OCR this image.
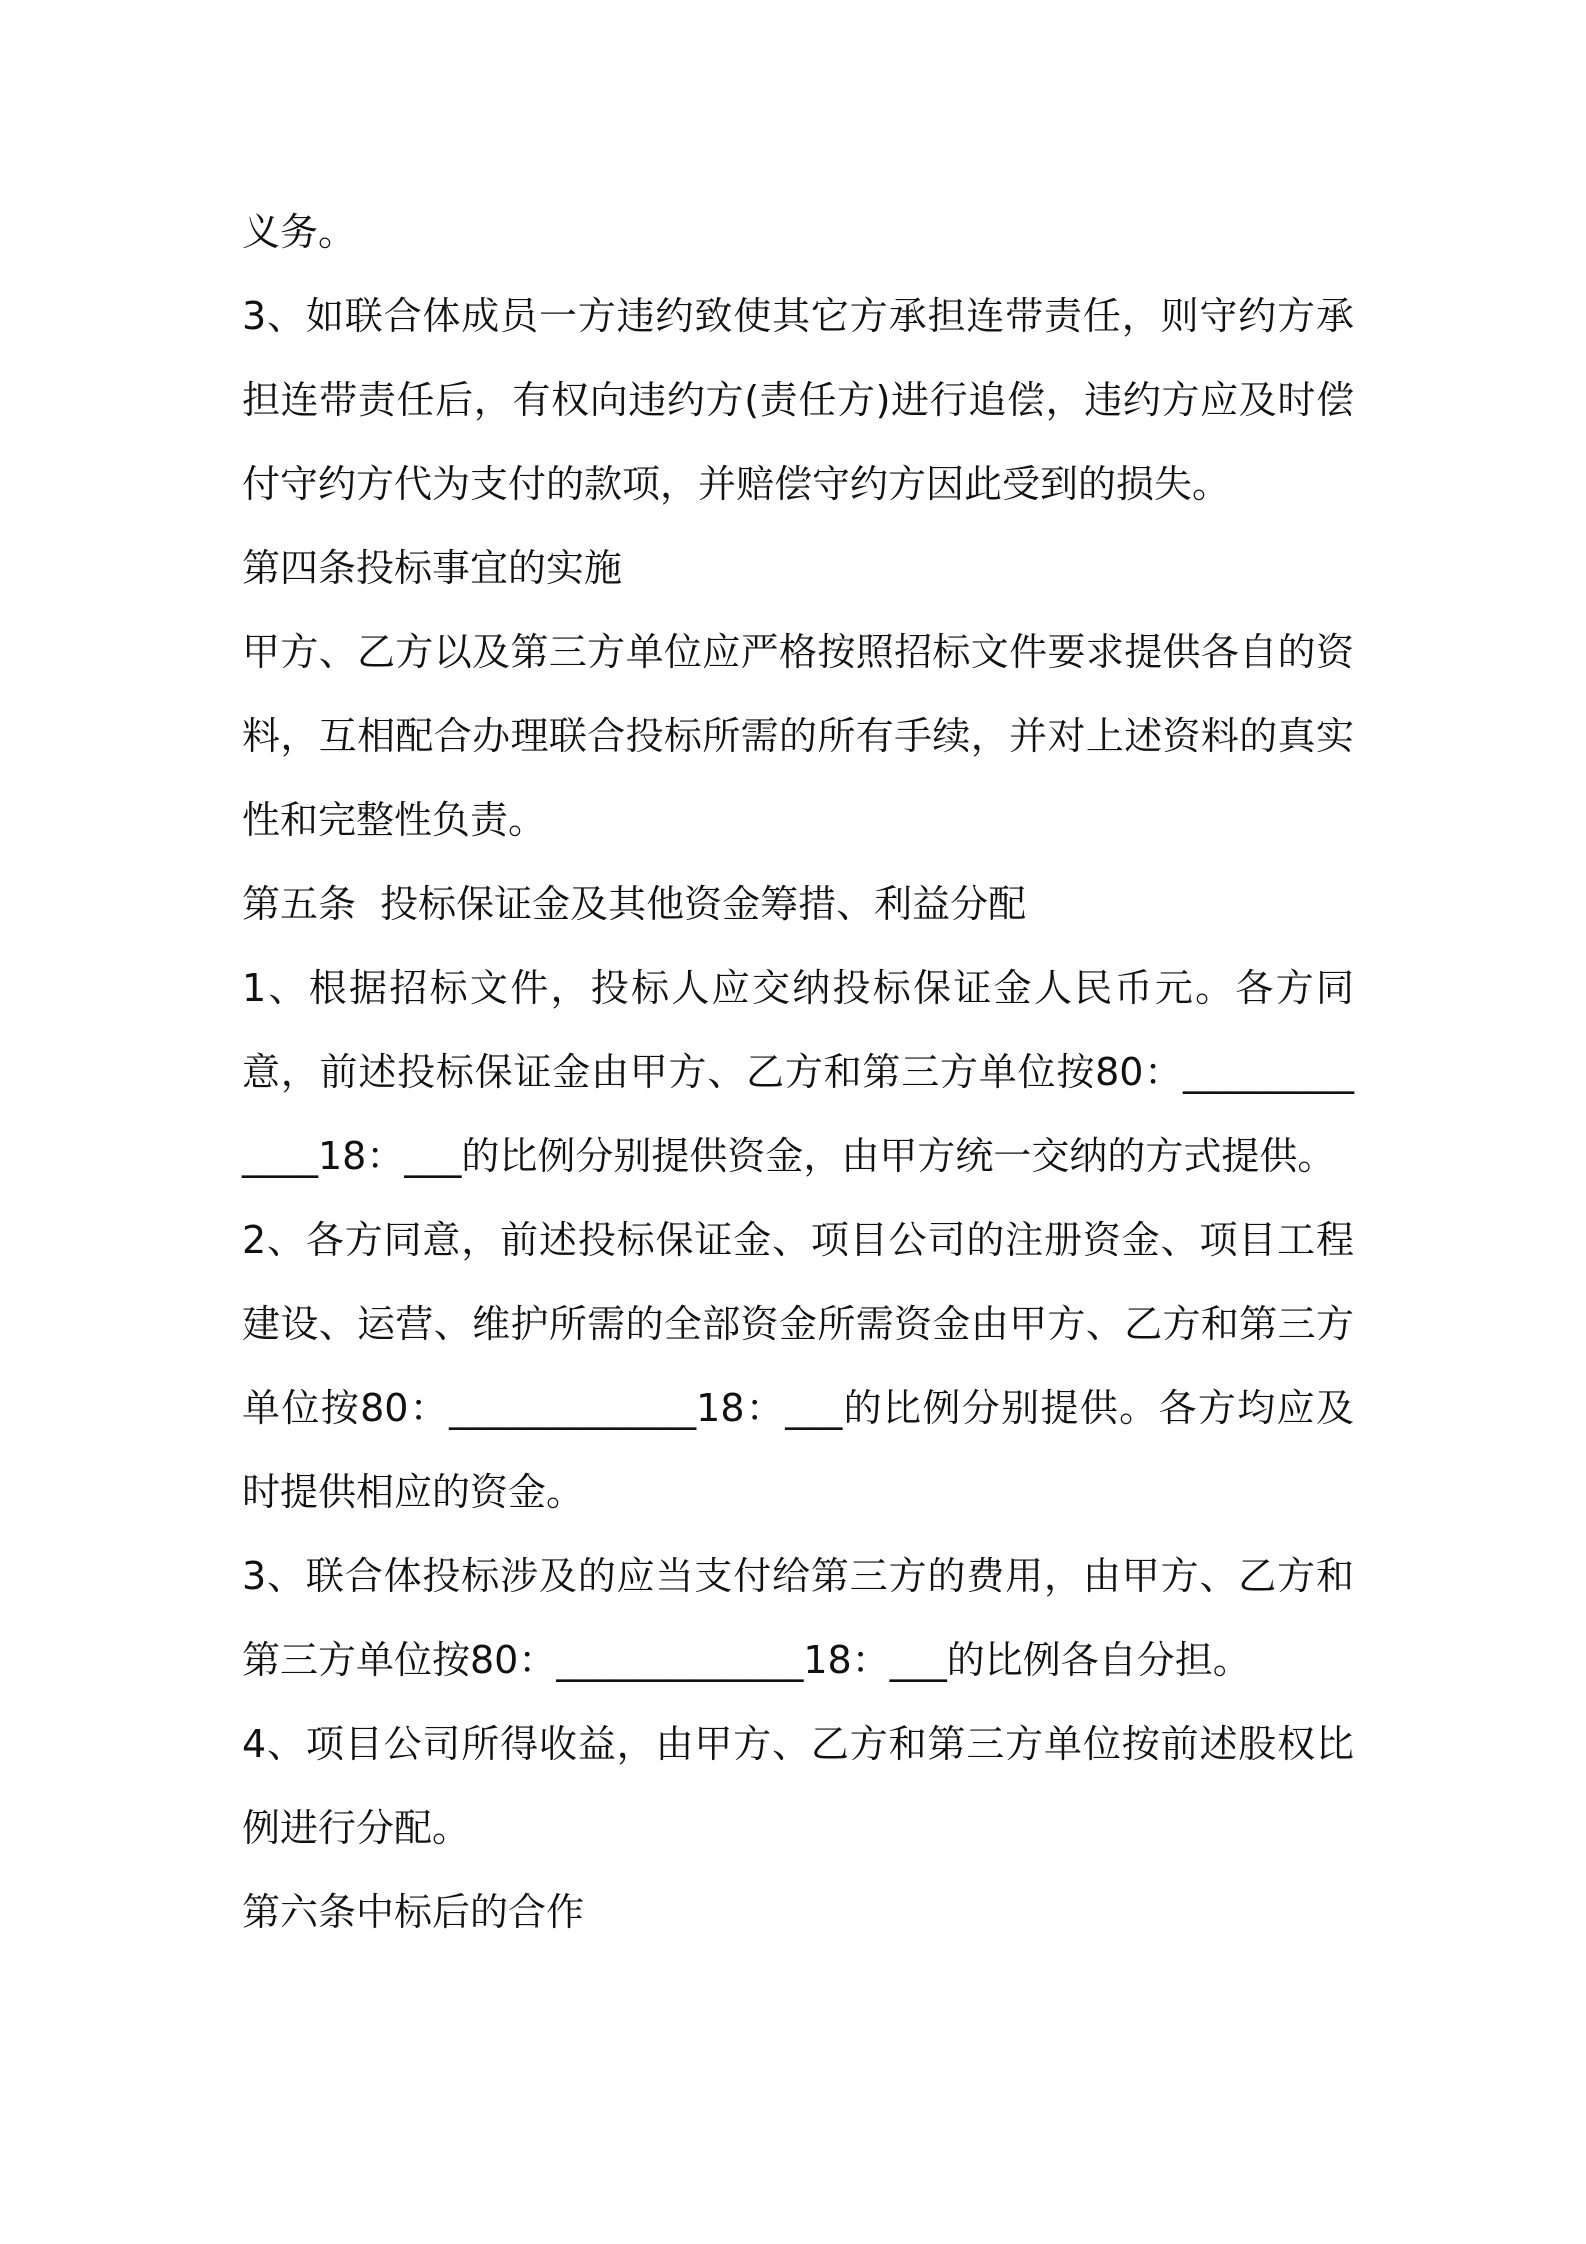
义务。

3、如联合体成员一方违约致使其它方承担连带责任，则守约方承担连带责任后，有权向违约方(责任方)进行追偿，违约方应及时偿付守约方代为支付的款项，并赔偿守约方因此受到的损失。

第四条投标事宜的实施

甲方、乙方以及第三方单位应严格按照招标文件要求提供各自的资料，互相配合办理联合投标所需的所有手续，并对上述资料的真实性和完整性负责。

第五条  投标保证金及其他资金筹措、利益分配

1、根据招标文件，投标人应交纳投标保证金人民币元。各方同意，前述投标保证金由甲方、乙方和第三方单位按80：_____________18：___的比例分别提供资金，由甲方统一交纳的方式提供。

2、各方同意，前述投标保证金、项目公司的注册资金、项目工程建设、运营、维护所需的全部资金所需资金由甲方、乙方和第三方单位按80：_____________18：___的比例分别提供。各方均应及时提供相应的资金。

3、联合体投标涉及的应当支付给第三方的费用，由甲方、乙方和第三方单位按80：_____________18：___的比例各自分担。

4、项目公司所得收益，由甲方、乙方和第三方单位按前述股权比例进行分配。

第六条中标后的合作
